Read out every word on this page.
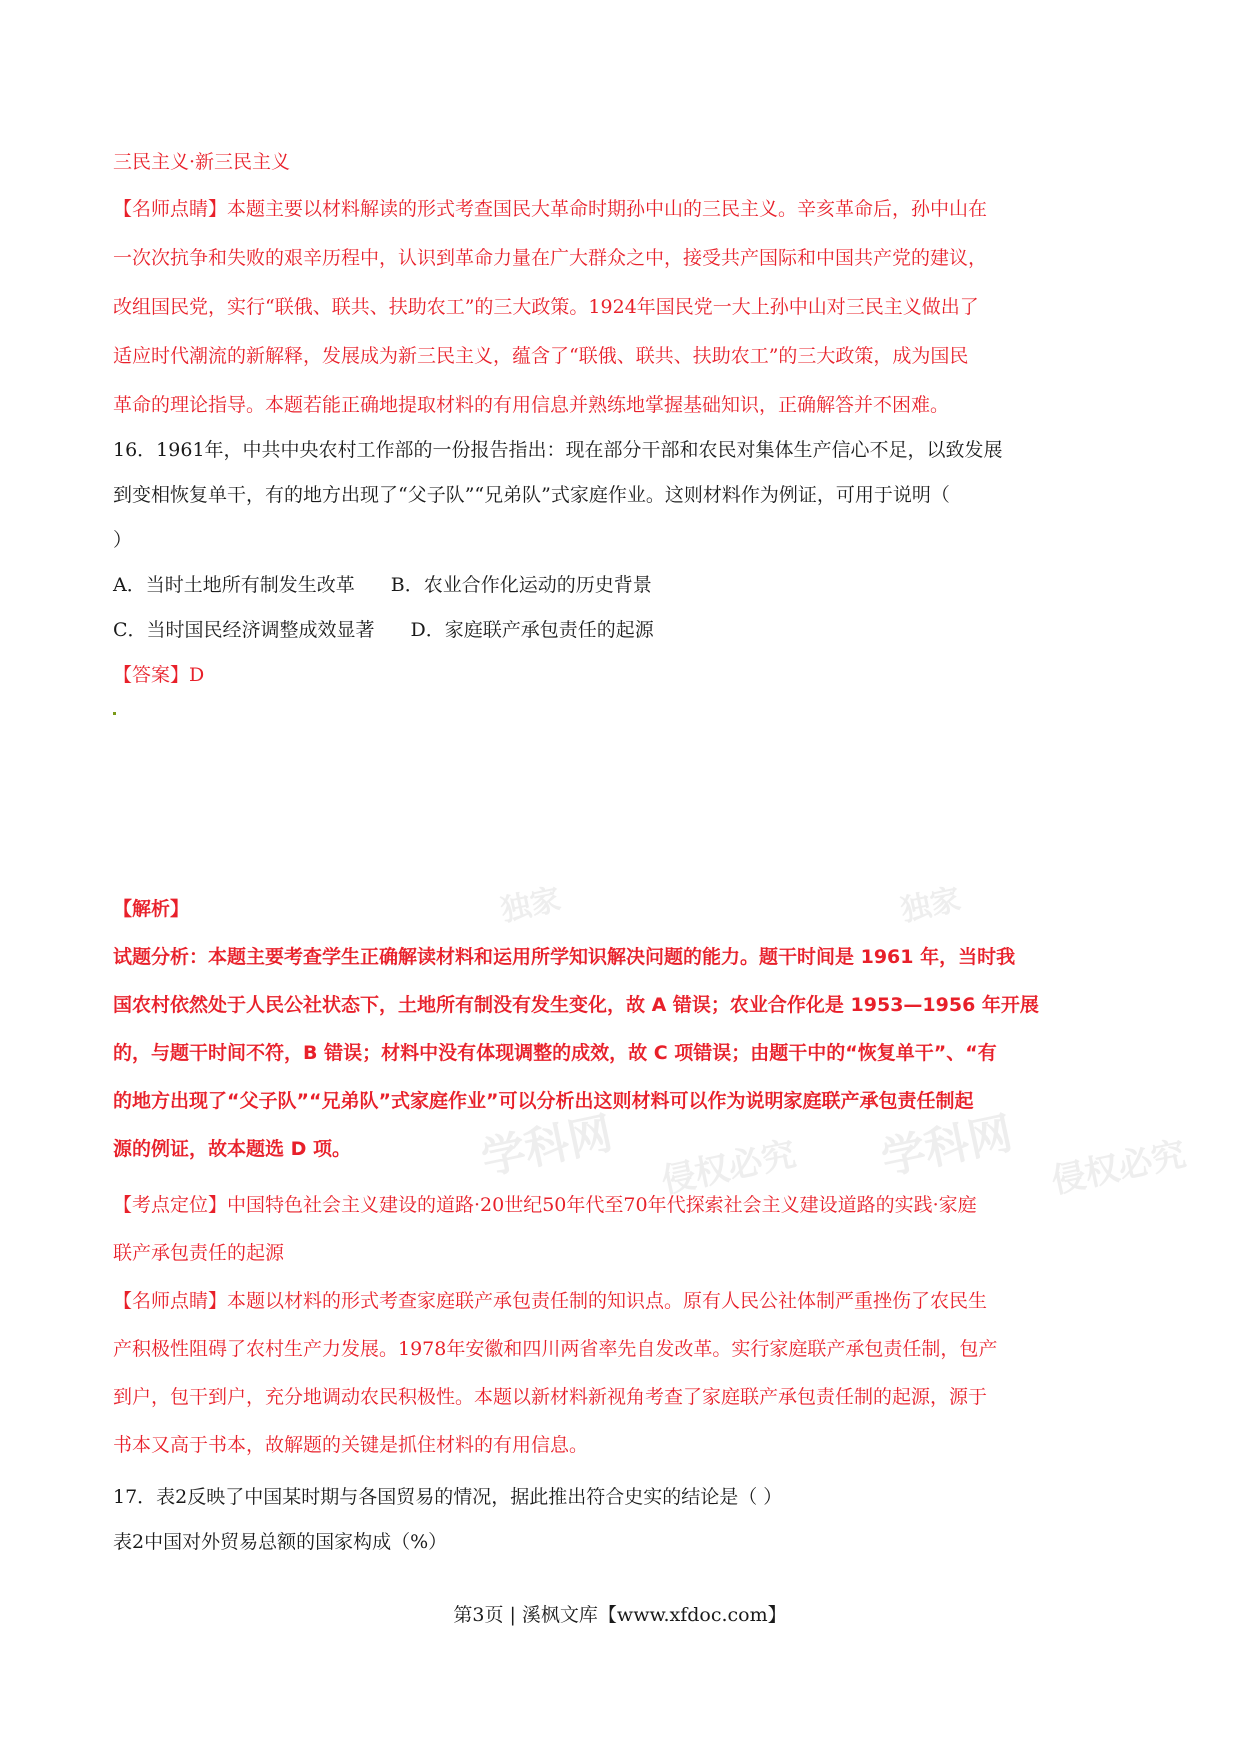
独家	独家
学科网	学科网
侵权必究	侵权必究
三民主义·新三民主义
【名师点睛】本题主要以材料解读的形式考查国民大革命时期孙中山的三民主义。辛亥革命后，孙中山在
一次次抗争和失败的艰辛历程中，认识到革命力量在广大群众之中，接受共产国际和中国共产党的建议，
改组国民党，实行“联俄、联共、扶助农工”的三大政策。1924年国民党一大上孙中山对三民主义做出了
适应时代潮流的新解释，发展成为新三民主义，蕴含了“联俄、联共、扶助农工”的三大政策，成为国民
革命的理论指导。本题若能正确地提取材料的有用信息并熟练地掌握基础知识，正确解答并不困难。
16．1961年，中共中央农村工作部的一份报告指出：现在部分干部和农民对集体生产信心不足，以致发展
到变相恢复单干，有的地方出现了“父子队”“兄弟队”式家庭作业。这则材料作为例证，可用于说明（
）
A．当时土地所有制发生改革 B．农业合作化运动的历史背景
C．当时国民经济调整成效显著 D．家庭联产承包责任的起源
【答案】D
【解析】
试题分析：本题主要考查学生正确解读材料和运用所学知识解决问题的能力。题干时间是 1961 年，当时我
国农村依然处于人民公社状态下，土地所有制没有发生变化，故 A 错误；农业合作化是 1953—1956 年开展
的，与题干时间不符，B 错误；材料中没有体现调整的成效，故 C 项错误；由题干中的“恢复单干”、“有
的地方出现了“父子队”“兄弟队”式家庭作业”可以分析出这则材料可以作为说明家庭联产承包责任制起
源的例证，故本题选 D 项。
【考点定位】中国特色社会主义建设的道路·20世纪50年代至70年代探索社会主义建设道路的实践·家庭
联产承包责任的起源
【名师点睛】本题以材料的形式考查家庭联产承包责任制的知识点。原有人民公社体制严重挫伤了农民生
产积极性阻碍了农村生产力发展。1978年安徽和四川两省率先自发改革。实行家庭联产承包责任制，包产
到户，包干到户，充分地调动农民积极性。本题以新材料新视角考查了家庭联产承包责任制的起源，源于
书本又高于书本，故解题的关键是抓住材料的有用信息。
17．表2反映了中国某时期与各国贸易的情况，据此推出符合史实的结论是（ ）
表2中国对外贸易总额的国家构成（%）
第3页 | 溪枫文库【www.xfdoc.com】
